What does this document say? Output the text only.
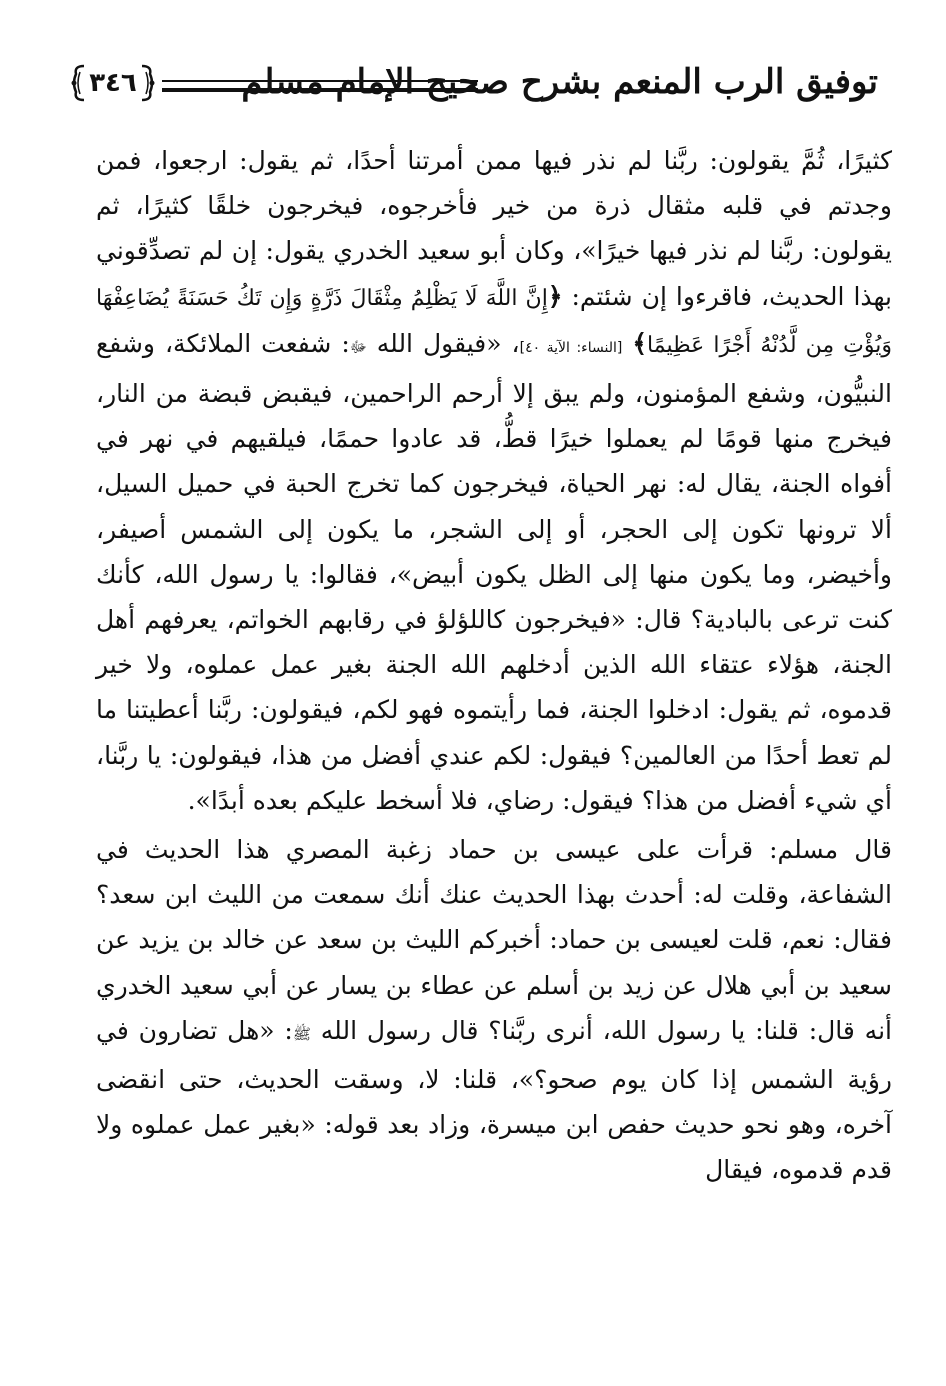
توفيق الرب المنعم بشرح صحيح الإمام مسلم
٣٤٦

كثيرًا، ثُمَّ يقولون: ربَّنا لم نذر فيها ممن أمرتنا أحدًا، ثم يقول: ارجعوا، فمن وجدتم في قلبه مثقال ذرة من خير فأخرجوه، فيخرجون خلقًا كثيرًا، ثم يقولون: ربَّنا لم نذر فيها خيرًا»، وكان أبو سعيد الخدري يقول: إن لم تصدِّقوني بهذا الحديث، فاقرءوا إن شئتم: ﴿إِنَّ اللَّهَ لَا يَظْلِمُ مِثْقَالَ ذَرَّةٍ وَإِن تَكُ حَسَنَةً يُضَاعِفْهَا وَيُؤْتِ مِن لَّدُنْهُ أَجْرًا عَظِيمًا﴾ [النساء: الآية ٤٠]، «فيقول الله ﷻ: شفعت الملائكة، وشفع النبيُّون، وشفع المؤمنون، ولم يبق إلا أرحم الراحمين، فيقبض قبضة من النار، فيخرج منها قومًا لم يعملوا خيرًا قطُّ، قد عادوا حممًا، فيلقيهم في نهر في أفواه الجنة، يقال له: نهر الحياة، فيخرجون كما تخرج الحبة في حميل السيل، ألا ترونها تكون إلى الحجر، أو إلى الشجر، ما يكون إلى الشمس أصيفر، وأخيضر، وما يكون منها إلى الظل يكون أبيض»، فقالوا: يا رسول الله، كأنك كنت ترعى بالبادية؟ قال: «فيخرجون كاللؤلؤ في رقابهم الخواتم، يعرفهم أهل الجنة، هؤلاء عتقاء الله الذين أدخلهم الله الجنة بغير عمل عملوه، ولا خير قدموه، ثم يقول: ادخلوا الجنة، فما رأيتموه فهو لكم، فيقولون: ربَّنا أعطيتنا ما لم تعط أحدًا من العالمين؟ فيقول: لكم عندي أفضل من هذا، فيقولون: يا ربَّنا، أي شيء أفضل من هذا؟ فيقول: رضاي، فلا أسخط عليكم بعده أبدًا».

قال مسلم: قرأت على عيسى بن حماد زغبة المصري هذا الحديث في الشفاعة، وقلت له: أحدث بهذا الحديث عنك أنك سمعت من الليث ابن سعد؟ فقال: نعم، قلت لعيسى بن حماد: أخبركم الليث بن سعد عن خالد بن يزيد عن سعيد بن أبي هلال عن زيد بن أسلم عن عطاء بن يسار عن أبي سعيد الخدري أنه قال: قلنا: يا رسول الله، أنرى ربَّنا؟ قال رسول الله ﷺ: «هل تضارون في رؤية الشمس إذا كان يوم صحو؟»، قلنا: لا، وسقت الحديث، حتى انقضى آخره، وهو نحو حديث حفص ابن ميسرة، وزاد بعد قوله: «بغير عمل عملوه ولا قدم قدموه، فيقال
